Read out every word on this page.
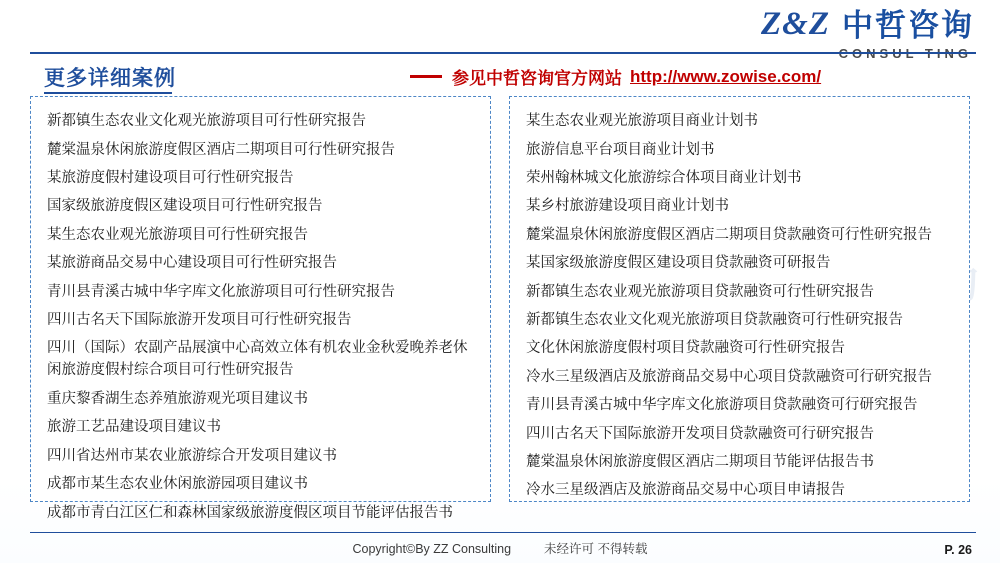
Z&Z 中哲咨询
更多详细案例	参见中哲咨询官方网站 http://www.zowise.com/
新都镇生态农业文化观光旅游项目可行性研究报告
麓棠温泉休闲旅游度假区酒店二期项目可行性研究报告
某旅游度假村建设项目可行性研究报告
国家级旅游度假区建设项目可行性研究报告
某生态农业观光旅游项目可行性研究报告
某旅游商品交易中心建设项目可行性研究报告
青川县青溪古城中华字库文化旅游项目可行性研究报告
四川古名天下国际旅游开发项目可行性研究报告
四川（国际）农副产品展演中心高效立体有机农业金秋爱晚养老休闲旅游度假村综合项目可行性研究报告
重庆黎香湖生态养殖旅游观光项目建议书
旅游工艺品建设项目建议书
四川省达州市某农业旅游综合开发项目建议书
成都市某生态农业休闲旅游园项目建议书
成都市青白江区仁和森林国家级旅游度假区项目节能评估报告书
某生态农业观光旅游项目商业计划书
旅游信息平台项目商业计划书
荣州翰林城文化旅游综合体项目商业计划书
某乡村旅游建设项目商业计划书
麓棠温泉休闲旅游度假区酒店二期项目贷款融资可行性研究报告
某国家级旅游度假区建设项目贷款融资可研报告
新都镇生态农业观光旅游项目贷款融资可行性研究报告
新都镇生态农业文化观光旅游项目贷款融资可行性研究报告
文化休闲旅游度假村项目贷款融资可行性研究报告
冷水三星级酒店及旅游商品交易中心项目贷款融资可行研究报告
青川县青溪古城中华字库文化旅游项目贷款融资可行研究报告
四川古名天下国际旅游开发项目贷款融资可行研究报告
麓棠温泉休闲旅游度假区酒店二期项目节能评估报告书
冷水三星级酒店及旅游商品交易中心项目申请报告
Copyright©By ZZ Consulting	未经许可 不得转载	P. 26
